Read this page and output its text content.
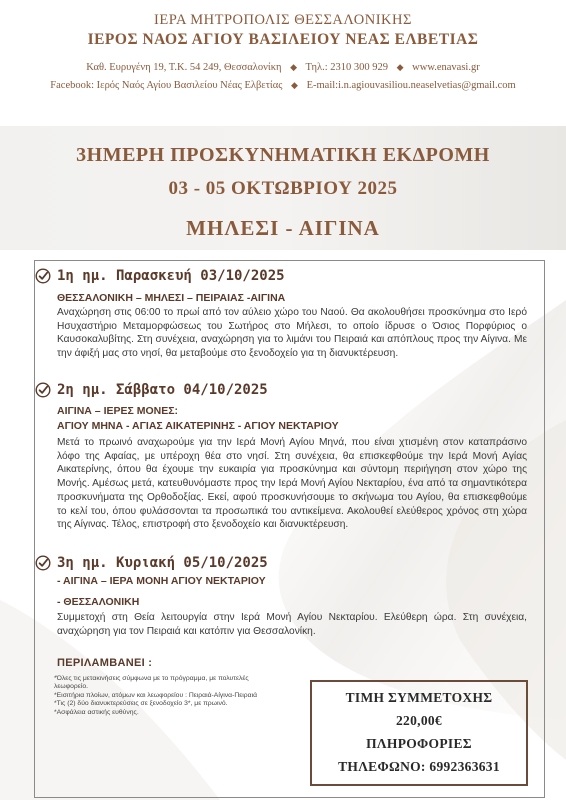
ΙΕΡΑ ΜΗΤΡΟΠΟΛΙΣ ΘΕΣΣΑΛΟΝΙΚΗΣ
ΙΕΡΟΣ ΝΑΟΣ ΑΓΙΟΥ ΒΑΣΙΛΕΙΟΥ ΝΕΑΣ ΕΛΒΕΤΙΑΣ
Καθ. Ευρυγένη 19, Τ.Κ. 54 249, Θεσσαλονίκη ◆ Τηλ.: 2310 300 929 ◆ www.enavasi.gr
Facebook: Ιερός Ναός Αγίου Βασιλείου Νέας Ελβετίας ◆ E-mail:i.n.agiouvasiliou.neaselvetias@gmail.com
3ΗΜΕΡΗ ΠΡΟΣΚΥΝΗΜΑΤΙΚΗ ΕΚΔΡΟΜΗ
03 - 05 ΟΚΤΩΒΡΙΟΥ 2025
ΜΗΛΕΣΙ - ΑΙΓΙΝΑ
1η ημ. Παρασκευή 03/10/2025
ΘΕΣΣΑΛΟΝΙΚΗ – ΜΗΛΕΣΙ – ΠΕΙΡΑΙΑΣ -ΑΙΓΙΝΑ
Αναχώρηση στις 06:00 το πρωί από τον αύλειο χώρο του Ναού. Θα ακολουθήσει προσκύνημα στο Ιερό Ησυχαστήριο Μεταμορφώσεως του Σωτήρος στο Μήλεσι, το οποίο ίδρυσε ο Όσιος Πορφύριος ο Καυσοκαλυβίτης. Στη συνέχεια, αναχώρηση για το λιμάνι του Πειραιά και απόπλους προς την Αίγινα. Με την άφιξή μας στο νησί, θα μεταβούμε στο ξενοδοχείο για τη διανυκτέρευση.
2η ημ. Σάββατο 04/10/2025
ΑΙΓΙΝΑ – ΙΕΡΕΣ ΜΟΝΕΣ:
ΑΓΙΟΥ ΜΗΝΑ - ΑΓΙΑΣ ΑΙΚΑΤΕΡΙΝΗΣ - ΑΓΙΟΥ ΝΕΚΤΑΡΙΟΥ
Μετά το πρωινό αναχωρούμε για την Ιερά Μονή Αγίου Μηνά, που είναι χτισμένη στον καταπράσινο λόφο της Αφαίας, με υπέροχη θέα στο νησί. Στη συνέχεια, θα επισκεφθούμε την Ιερά Μονή Αγίας Αικατερίνης, όπου θα έχουμε την ευκαιρία για προσκύνημα και σύντομη περιήγηση στον χώρο της Μονής. Αμέσως μετά, κατευθυνόμαστε προς την Ιερά Μονή Αγίου Νεκταρίου, ένα από τα σημαντικότερα προσκυνήματα της Ορθοδοξίας. Εκεί, αφού προσκυνήσουμε το σκήνωμα του Αγίου, θα επισκεφθούμε το κελί του, όπου φυλάσσονται τα προσωπικά του αντικείμενα. Ακολουθεί ελεύθερος χρόνος στη χώρα της Αίγινας. Τέλος, επιστροφή στο ξενοδοχείο και διανυκτέρευση.
3η ημ. Κυριακή 05/10/2025
- ΑΙΓΙΝΑ – ΙΕΡΑ ΜΟΝΗ ΑΓΙΟΥ ΝΕΚΤΑΡΙΟΥ
- ΘΕΣΣΑΛΟΝΙΚΗ
Συμμετοχή στη Θεία λειτουργία στην Ιερά Μονή Αγίου Νεκταρίου. Ελεύθερη ώρα. Στη συνέχεια, αναχώρηση για τον Πειραιά και κατόπιν για Θεσσαλονίκη.
ΠΕΡΙΛΑΜΒΑΝΕΙ :
*Όλες τις μετακινήσεις σύμφωνα με το πρόγραμμα, με πολυτελές
λεωφορείο.
*Εισιτήρια πλοίων, ατόμων και λεωφορείου : Πειραιά-Αίγινα-Πειραιά
*Τις (2) δύο διανυκτερεύσεις σε ξενοδοχείο 3*, με πρωινό.
*Ασφάλεια αστικής ευθύνης.
ΤΙΜΗ ΣΥΜΜΕΤΟΧΗΣ
220,00€
ΠΛΗΡΟΦΟΡΙΕΣ
ΤΗΛΕΦΩΝΟ: 6992363631
